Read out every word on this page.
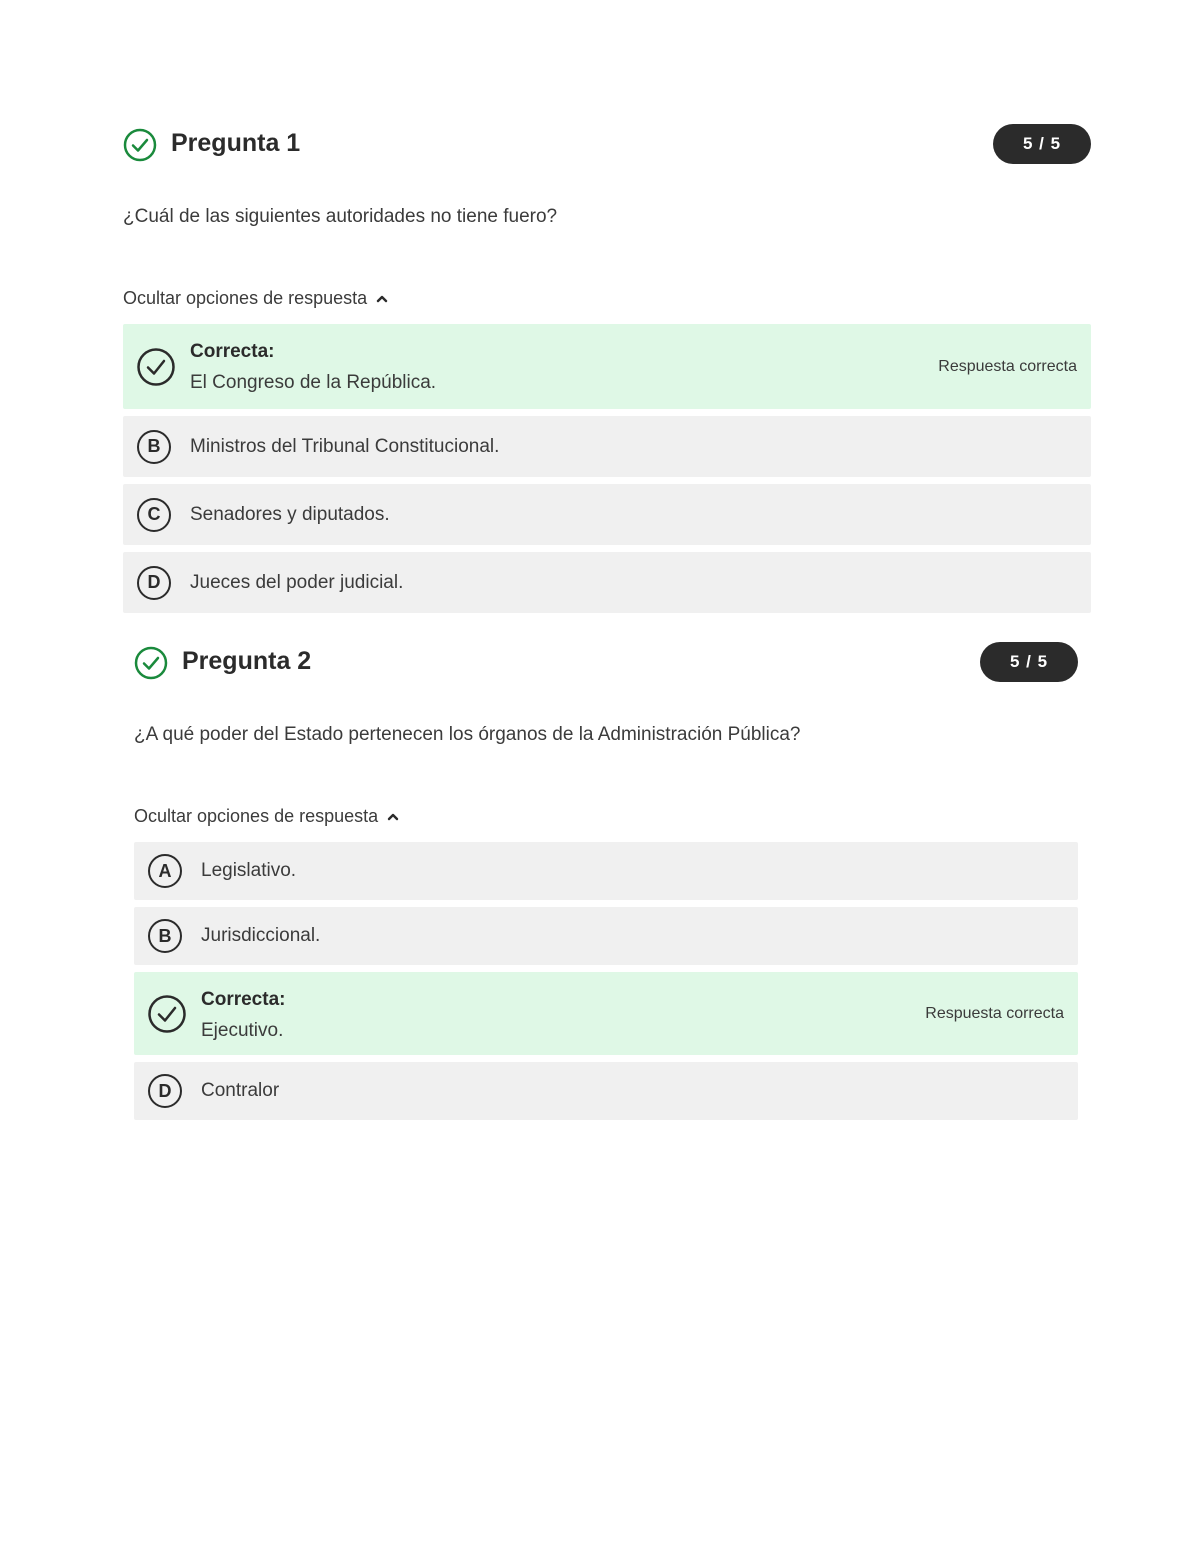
Pregunta 1	5 / 5
¿Cuál de las siguientes autoridades no tiene fuero?
Ocultar opciones de respuesta
Correcta:
El Congreso de la República.
Respuesta correcta
B	Ministros del Tribunal Constitucional.
C	Senadores y diputados.
D	Jueces del poder judicial.
Pregunta 2	5 / 5
¿A qué poder del Estado pertenecen los órganos de la Administración Pública?
Ocultar opciones de respuesta
A	Legislativo.
B	Jurisdiccional.
Correcta:
Ejecutivo.
Respuesta correcta
D	Contralor
